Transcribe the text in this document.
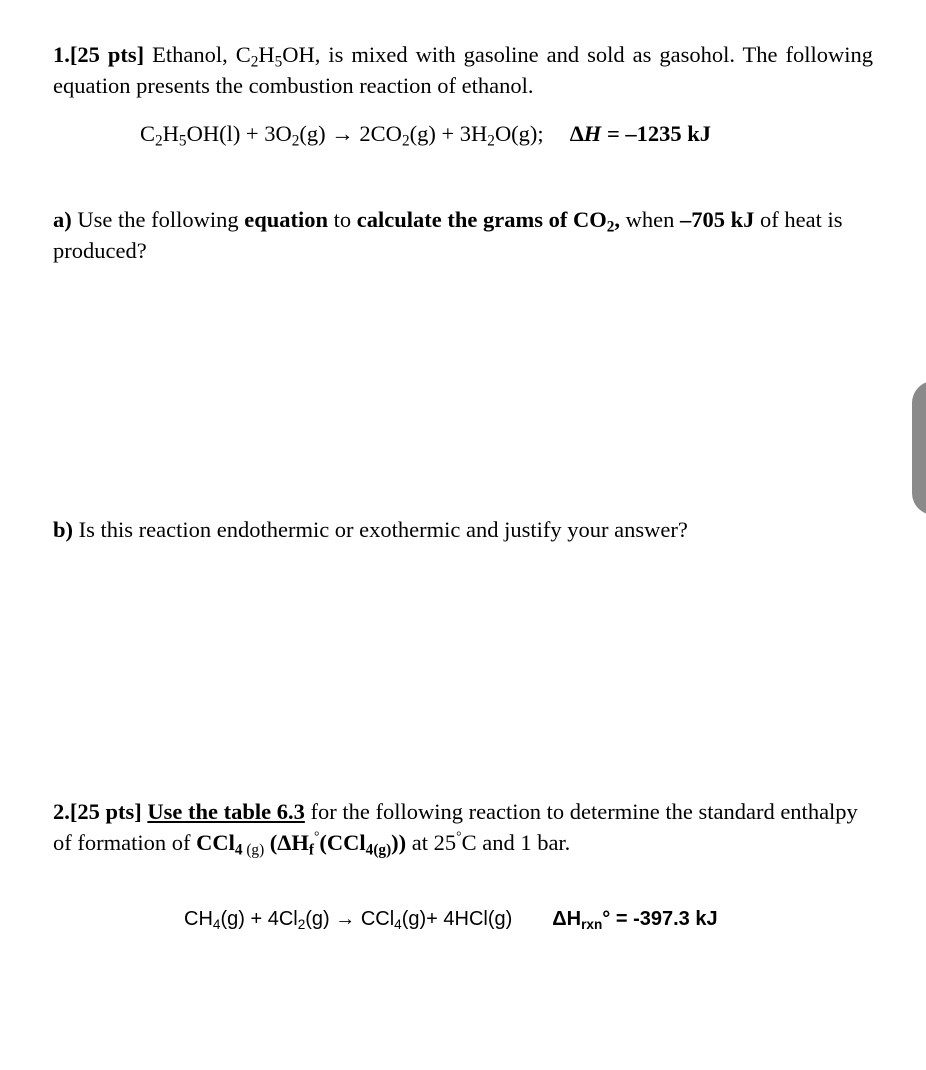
1.[25 pts] Ethanol, $C_2H_5OH$, is mixed with gasoline and sold as gasohol. The following equation presents the combustion reaction of ethanol.

$C_2H_5OH(l) + 3O_2(g) \to 2CO_2(g) + 3H_2O(g)$; ΔH = –1235 kJ

a) Use the following equation to calculate the grams of $CO_2$, when –705 kJ of heat is produced?

b) Is this reaction endothermic or exothermic and justify your answer?

2.[25 pts] Use the table 6.3 for the following reaction to determine the standard enthalpy of formation of CCl$_4$ $_{(g)}$ $(\Delta H_f^\circ(CCl_{4(g)}))$ at 25°C and 1 bar.

$CH_4(g) + 4Cl_2(g) \to CCl_4(g)+ 4HCl(g) \Delta H_{rxn}^\circ = -397.3$ kJ
